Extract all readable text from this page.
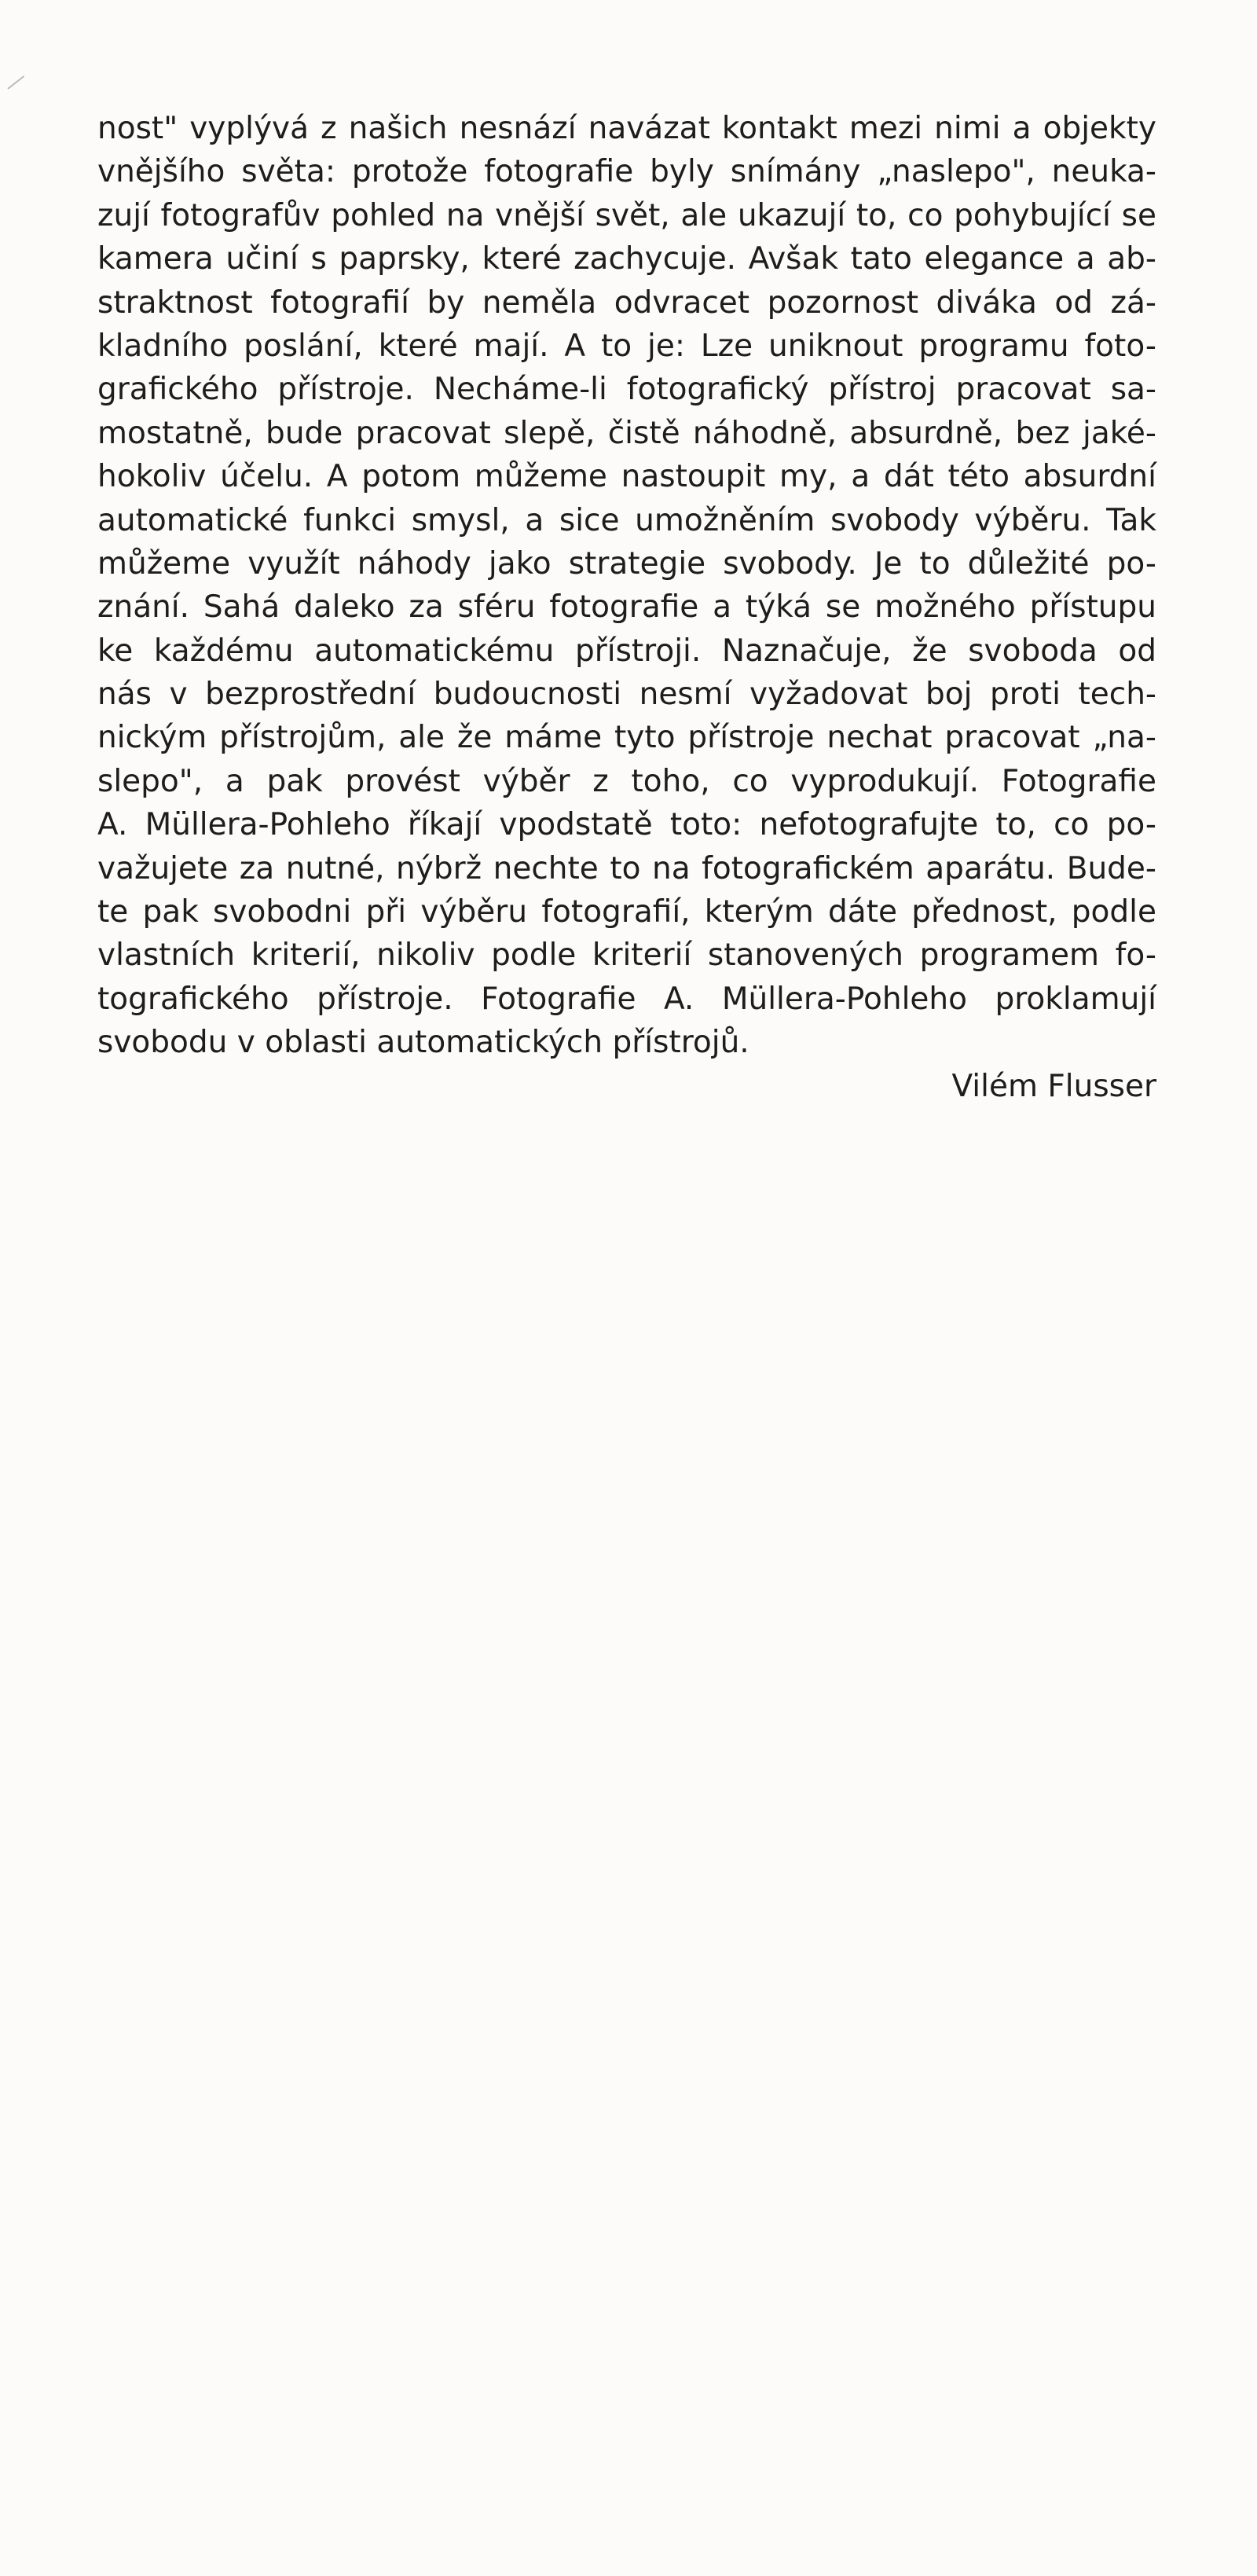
nost" vyplývá z našich nesnází navázat kontakt mezi nimi a objekty
vnějšího světa: protože fotografie byly snímány „naslepo", neuka-
zují fotografův pohled na vnější svět, ale ukazují to, co pohybující se
kamera učiní s paprsky, které zachycuje. Avšak tato elegance a ab-
straktnost fotografií by neměla odvracet pozornost diváka od zá-
kladního poslání, které mají. A to je: Lze uniknout programu foto-
grafického přístroje. Necháme-li fotografický přístroj pracovat sa-
mostatně, bude pracovat slepě, čistě náhodně, absurdně, bez jaké-
hokoliv účelu. A potom můžeme nastoupit my, a dát této absurdní
automatické funkci smysl, a sice umožněním svobody výběru. Tak
můžeme využít náhody jako strategie svobody. Je to důležité po-
znání. Sahá daleko za sféru fotografie a týká se možného přístupu
ke každému automatickému přístroji. Naznačuje, že svoboda od
nás v bezprostřední budoucnosti nesmí vyžadovat boj proti tech-
nickým přístrojům, ale že máme tyto přístroje nechat pracovat „na-
slepo", a pak provést výběr z toho, co vyprodukují. Fotografie
A. Müllera-Pohleho říkají vpodstatě toto: nefotografujte to, co po-
važujete za nutné, nýbrž nechte to na fotografickém aparátu. Bude-
te pak svobodni při výběru fotografií, kterým dáte přednost, podle
vlastních kriterií, nikoliv podle kriterií stanovených programem fo-
tografického přístroje. Fotografie A. Müllera-Pohleho proklamují
svobodu v oblasti automatických přístrojů.
Vilém Flusser
